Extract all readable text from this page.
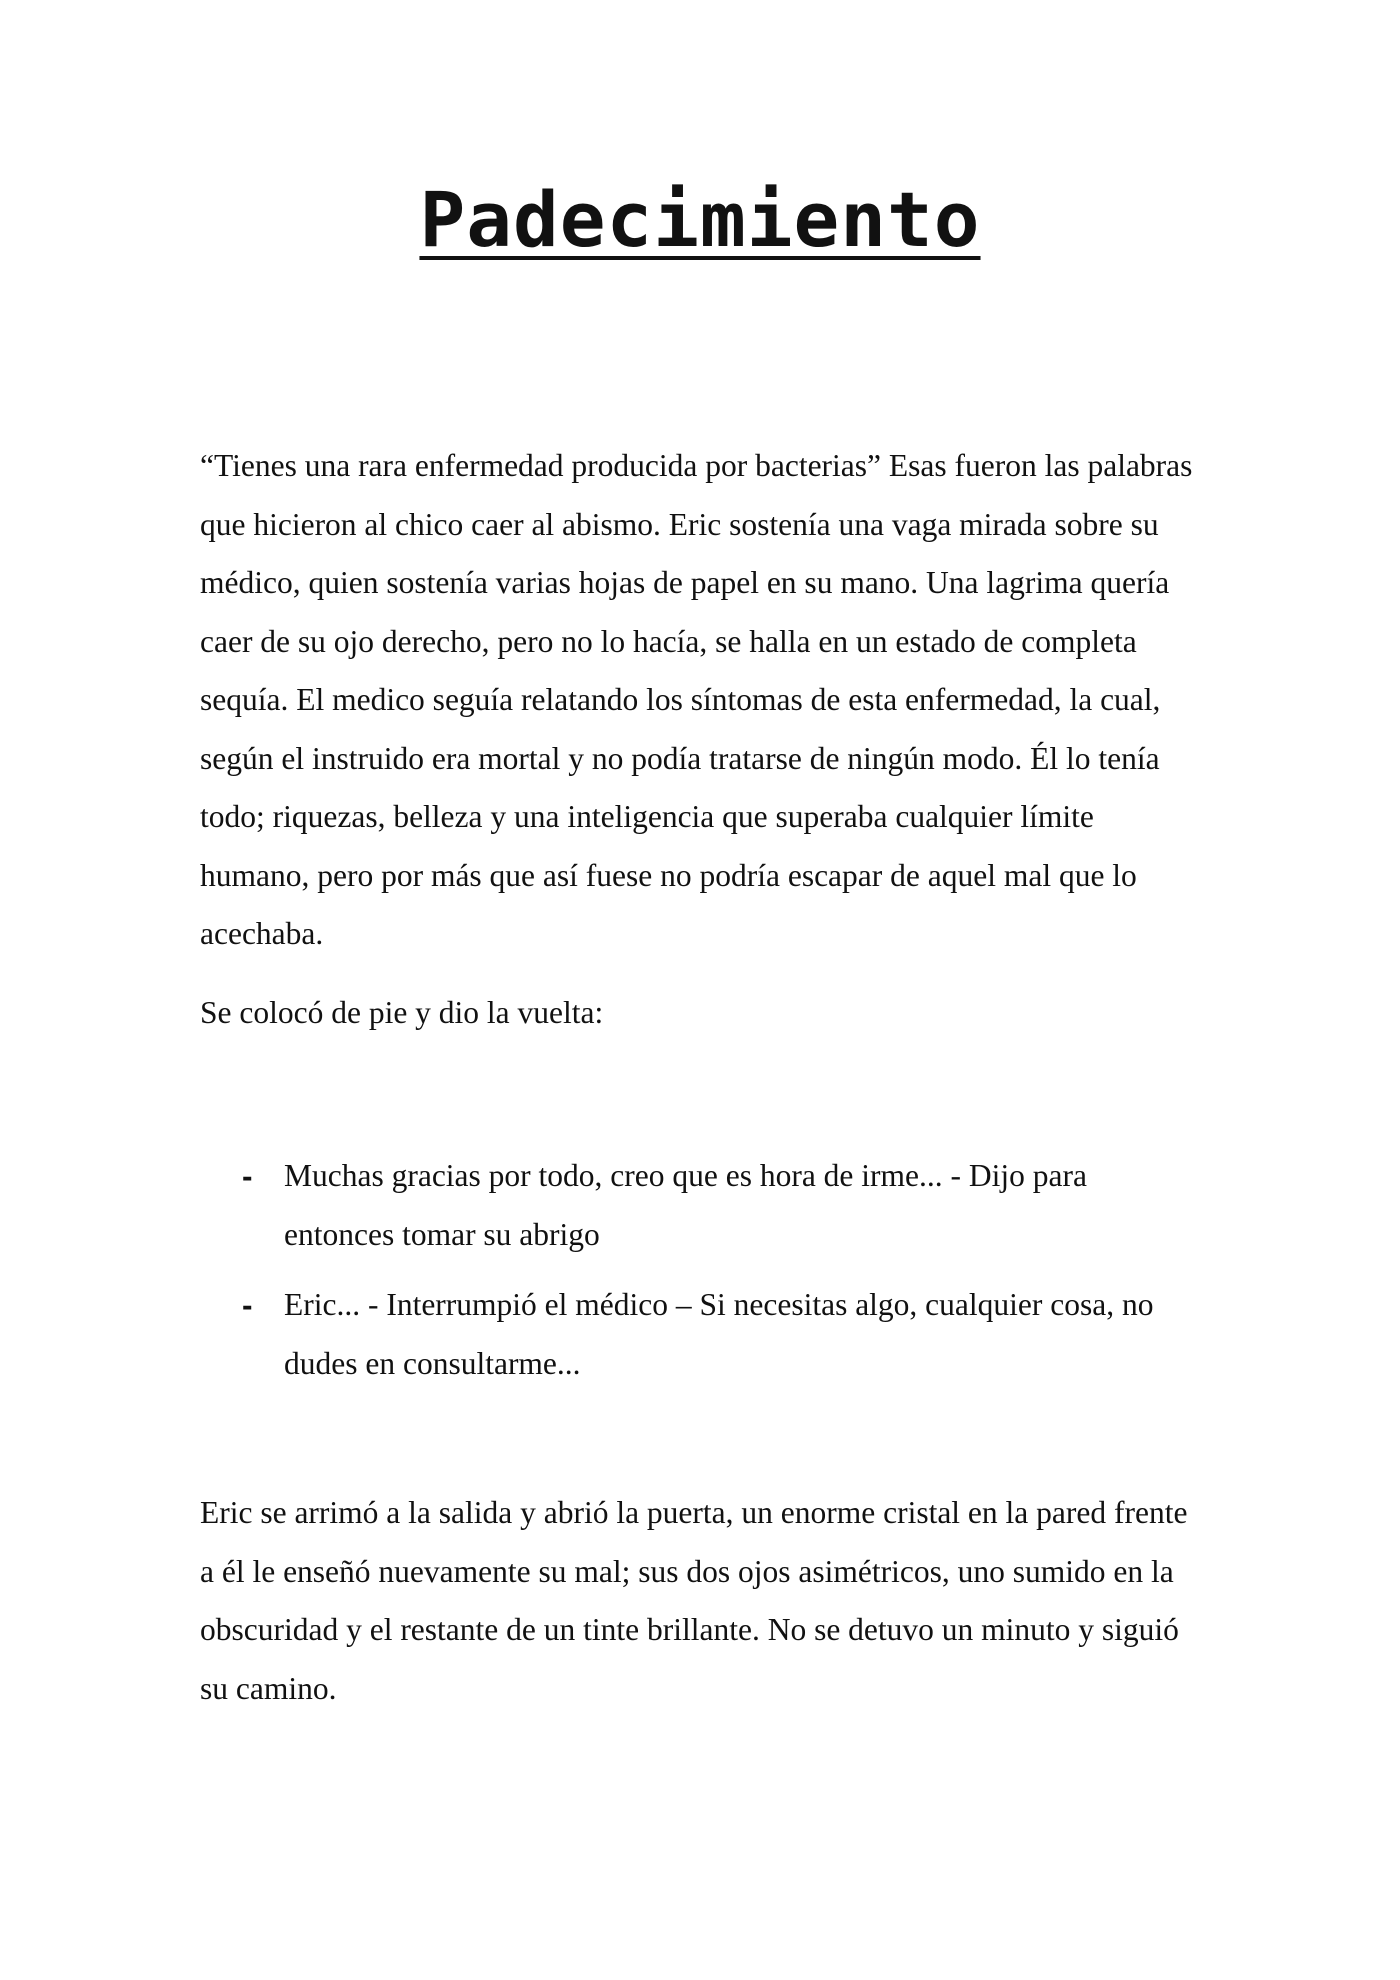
Padecimiento

“Tienes una rara enfermedad producida por bacterias” Esas fueron las palabras que hicieron al chico caer al abismo. Eric sostenía una vaga mirada sobre su médico, quien sostenía varias hojas de papel en su mano. Una lagrima quería caer de su ojo derecho, pero no lo hacía, se halla en un estado de completa sequía. El medico seguía relatando los síntomas de esta enfermedad, la cual, según el instruido era mortal y no podía tratarse de ningún modo. Él lo tenía todo; riquezas, belleza y una inteligencia que superaba cualquier límite humano, pero por más que así fuese no podría escapar de aquel mal que lo acechaba.

Se colocó de pie y dio la vuelta:

- Muchas gracias por todo, creo que es hora de irme... - Dijo para entonces tomar su abrigo
- Eric... - Interrumpió el médico – Si necesitas algo, cualquier cosa, no dudes en consultarme...

Eric se arrimó a la salida y abrió la puerta, un enorme cristal en la pared frente a él le enseñó nuevamente su mal; sus dos ojos asimétricos, uno sumido en la obscuridad y el restante de un tinte brillante. No se detuvo un minuto y siguió su camino.
